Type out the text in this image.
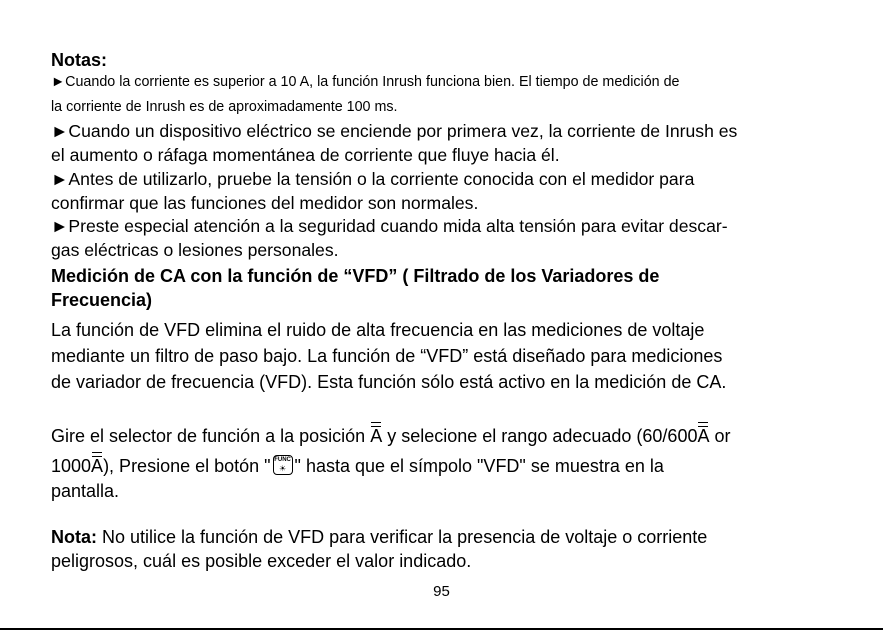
Notas:
►Cuando la corriente es superior a 10 A, la función Inrush funciona bien. El tiempo de medición de
la corriente de Inrush es de aproximadamente 100 ms.
►Cuando un dispositivo eléctrico se enciende por primera vez, la corriente de Inrush es
el aumento o ráfaga momentánea de corriente que fluye hacia él.
►Antes de utilizarlo, pruebe la tensión o la corriente conocida con el medidor para
confirmar que las funciones del medidor son normales.
►Preste especial atención a la seguridad cuando mida alta tensión para evitar descar-
gas eléctricas o lesiones personales.
Medición de CA con la función de “VFD” ( Filtrado de los Variadores de
Frecuencia)
La función de VFD elimina el ruido de alta frecuencia en las mediciones de voltaje
mediante un filtro de paso bajo. La función de “VFD” está diseñado para mediciones
de variador de frecuencia (VFD). Esta función sólo está activo en la medición de CA.
Gire el selector de función a la posición A y selecione el rango adecuado (60/600
A or
1000
A), Presione el botón " FUNC
☀ " hasta que el símpolo "VFD" se muestra en la
pantalla.
Nota: No utilice la función de VFD para verificar la presencia de voltaje o corriente
peligrosos, cuál es posible exceder el valor indicado.
95
